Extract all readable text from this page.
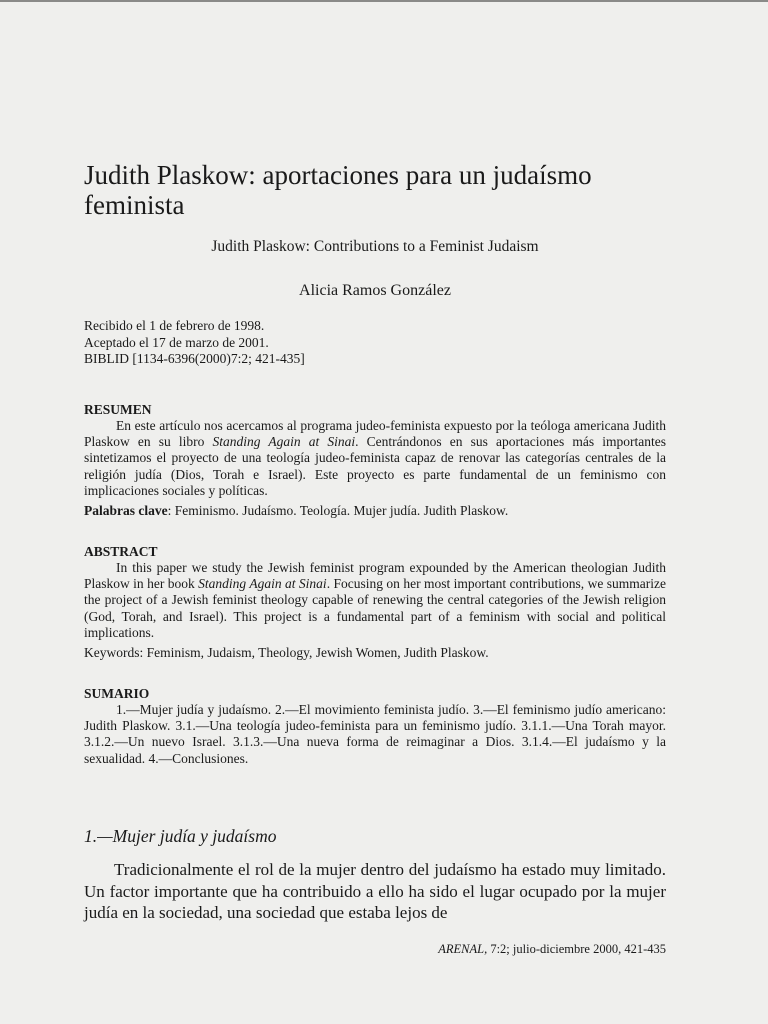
Judith Plaskow: aportaciones para un judaísmo feminista
Judith Plaskow: Contributions to a Feminist Judaism
Alicia Ramos González
Recibido el 1 de febrero de 1998.
Aceptado el 17 de marzo de 2001.
BIBLID [1134-6396(2000)7:2; 421-435]
RESUMEN

En este artículo nos acercamos al programa judeo-feminista expuesto por la teóloga americana Judith Plaskow en su libro Standing Again at Sinai. Centrándonos en sus aportaciones más importantes sintetizamos el proyecto de una teología judeo-feminista capaz de renovar las categorías centrales de la religión judía (Dios, Torah e Israel). Este proyecto es parte fundamental de un feminismo con implicaciones sociales y políticas.

Palabras clave: Feminismo. Judaísmo. Teología. Mujer judía. Judith Plaskow.
ABSTRACT

In this paper we study the Jewish feminist program expounded by the American theologian Judith Plaskow in her book Standing Again at Sinai. Focusing on her most important contributions, we summarize the project of a Jewish feminist theology capable of renewing the central categories of the Jewish religion (God, Torah, and Israel). This project is a fundamental part of a feminism with social and political implications.

Keywords: Feminism, Judaism, Theology, Jewish Women, Judith Plaskow.
SUMARIO

1.—Mujer judía y judaísmo. 2.—El movimiento feminista judío. 3.—El feminismo judío americano: Judith Plaskow. 3.1.—Una teología judeo-feminista para un feminismo judío. 3.1.1.—Una Torah mayor. 3.1.2.—Un nuevo Israel. 3.1.3.—Una nueva forma de reimaginar a Dios. 3.1.4.—El judaísmo y la sexualidad. 4.—Conclusiones.

1.—Mujer judía y judaísmo

Tradicionalmente el rol de la mujer dentro del judaísmo ha estado muy limitado. Un factor importante que ha contribuido a ello ha sido el lugar ocupado por la mujer judía en la sociedad, una sociedad que estaba lejos de

ARENAL, 7:2; julio-diciembre 2000, 421-435
